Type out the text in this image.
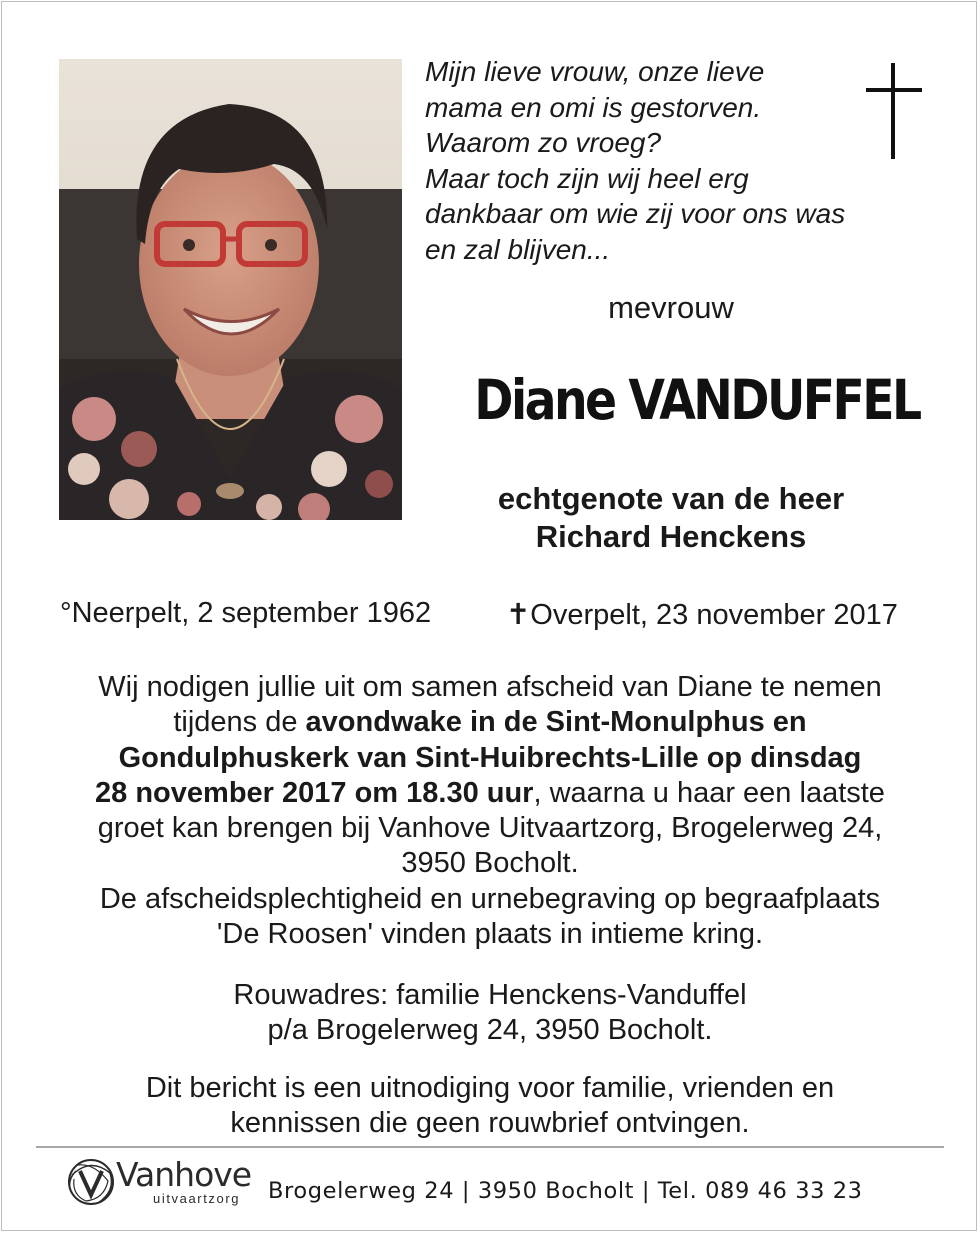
Mijn lieve vrouw, onze lieve
mama en omi is gestorven.
Waarom zo vroeg?
Maar toch zijn wij heel erg
dankbaar om wie zij voor ons was
en zal blijven...
mevrouw
Diane VANDUFFEL
echtgenote van de heer
Richard Henckens
°Neerpelt, 2 september 1962	✝Overpelt, 23 november 2017
Wij nodigen jullie uit om samen afscheid van Diane te nemen
tijdens de avondwake in de Sint-Monulphus en
Gondulphuskerk van Sint-Huibrechts-Lille op dinsdag
28 november 2017 om 18.30 uur, waarna u haar een laatste
groet kan brengen bij Vanhove Uitvaartzorg, Brogelerweg 24,
3950 Bocholt.
De afscheidsplechtigheid en urnebegraving op begraafplaats
'De Roosen' vinden plaats in intieme kring.
Rouwadres: familie Henckens-Vanduffel
p/a Brogelerweg 24, 3950 Bocholt.
Dit bericht is een uitnodiging voor familie, vrienden en
kennissen die geen rouwbrief ontvingen.
Vanhove
uitvaartzorg Brogelerweg 24 | 3950 Bocholt | Tel. 089 46 33 23
